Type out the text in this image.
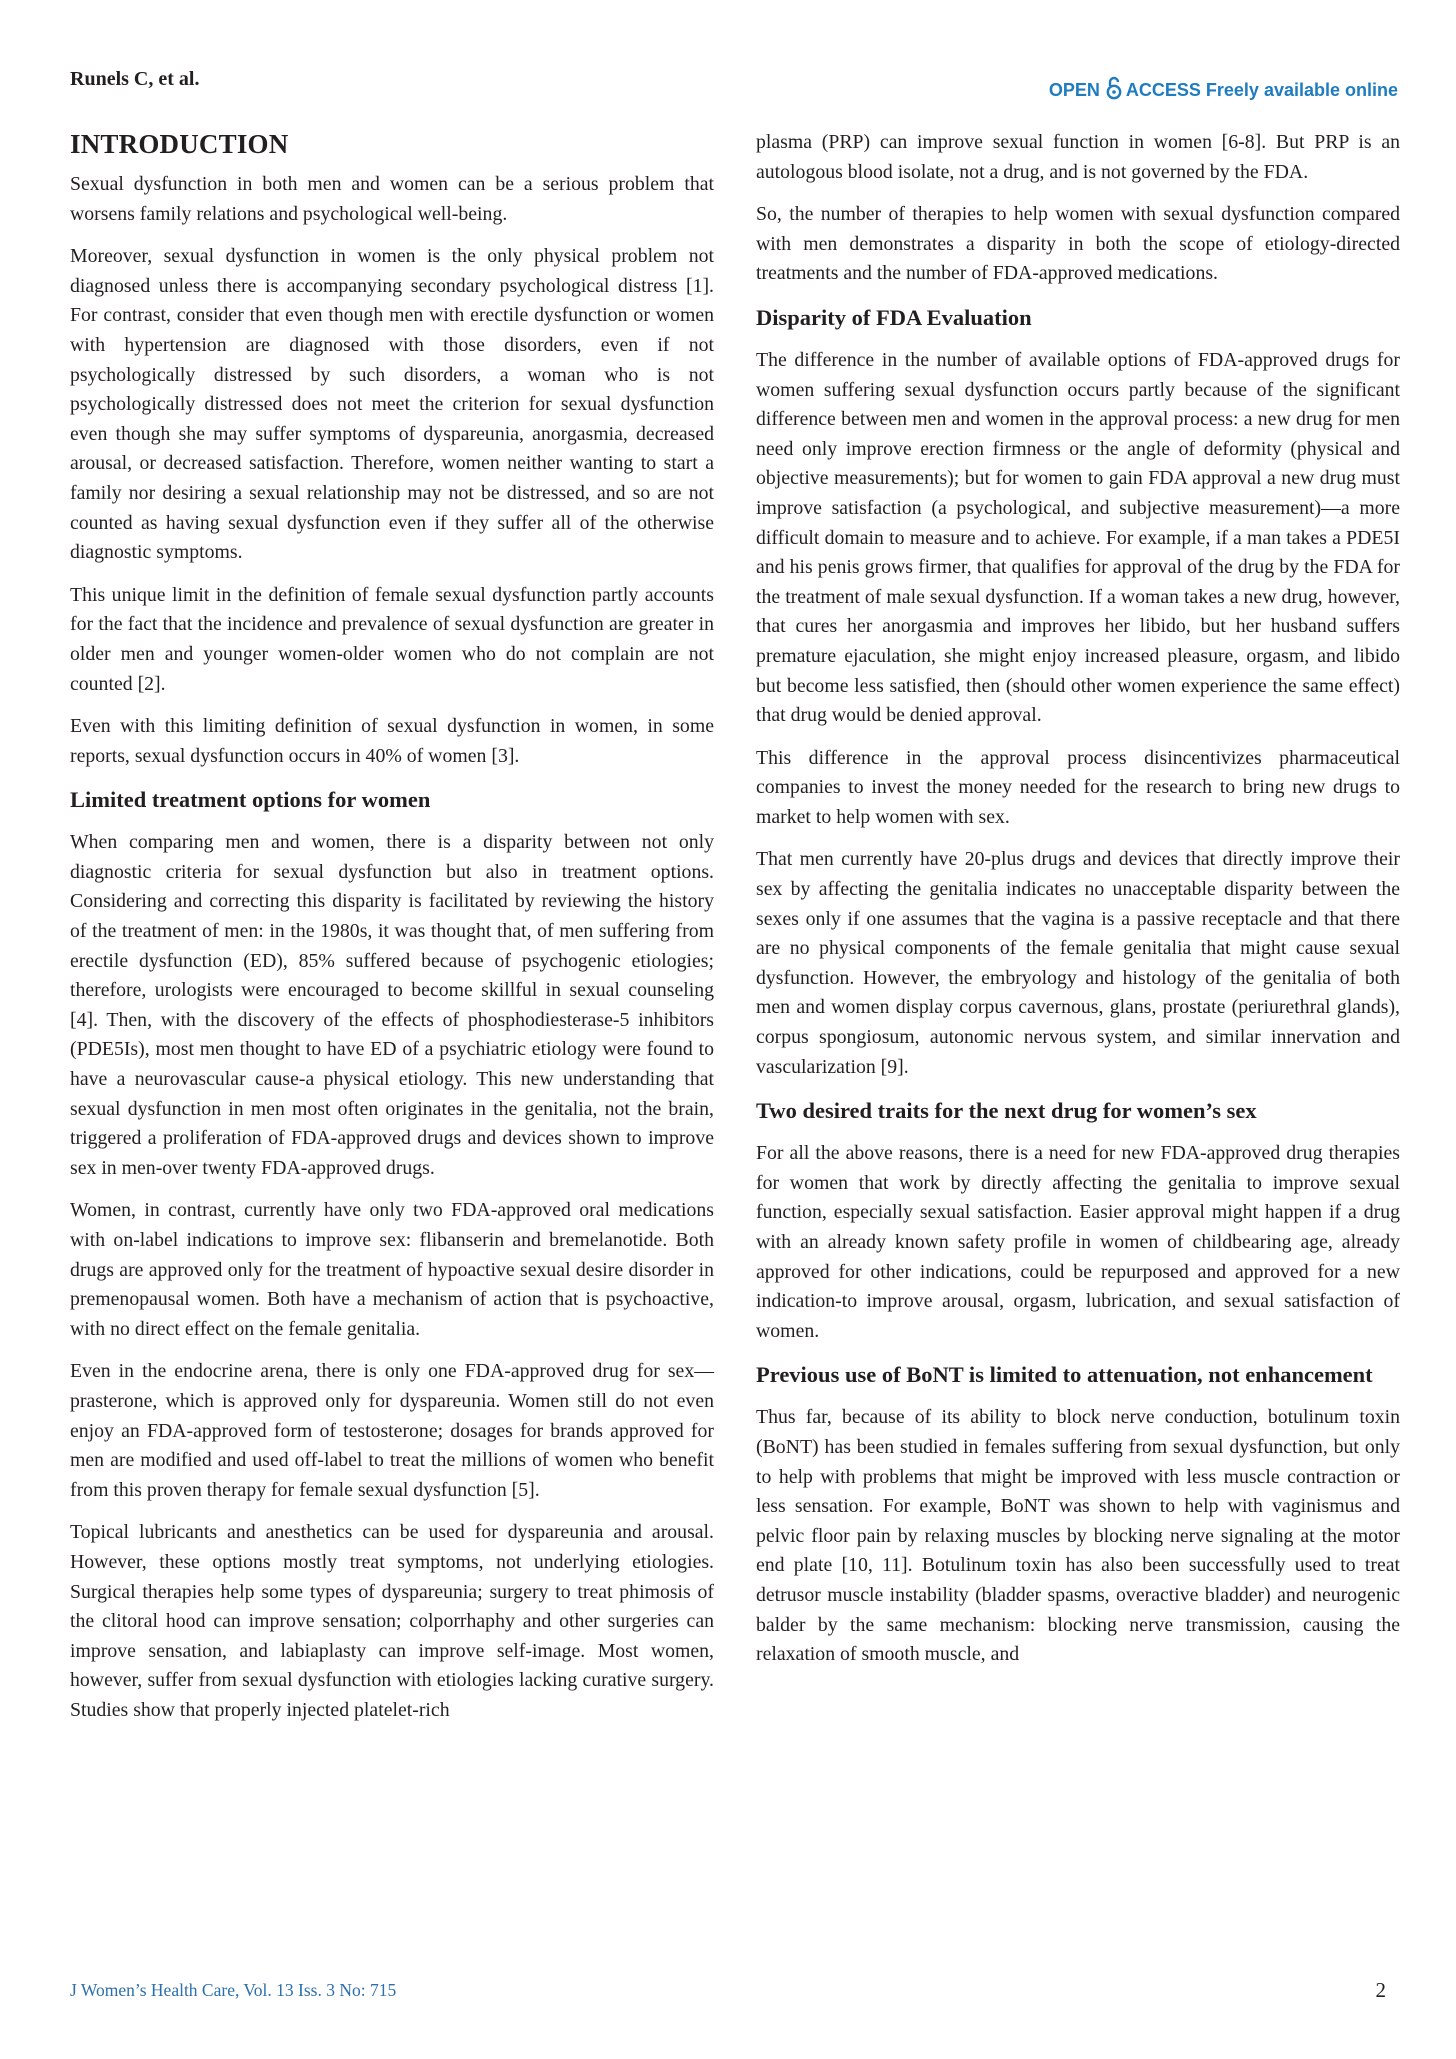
Runels C, et al.	OPEN ACCESS Freely available online
INTRODUCTION

Sexual dysfunction in both men and women can be a serious problem that worsens family relations and psychological well-being.

Moreover, sexual dysfunction in women is the only physical problem not diagnosed unless there is accompanying secondary psychological distress [1]. For contrast, consider that even though men with erectile dysfunction or women with hypertension are diagnosed with those disorders, even if not psychologically distressed by such disorders, a woman who is not psychologically distressed does not meet the criterion for sexual dysfunction even though she may suffer symptoms of dyspareunia, anorgasmia, decreased arousal, or decreased satisfaction. Therefore, women neither wanting to start a family nor desiring a sexual relationship may not be distressed, and so are not counted as having sexual dysfunction even if they suffer all of the otherwise diagnostic symptoms.

This unique limit in the definition of female sexual dysfunction partly accounts for the fact that the incidence and prevalence of sexual dysfunction are greater in older men and younger women-older women who do not complain are not counted [2].

Even with this limiting definition of sexual dysfunction in women, in some reports, sexual dysfunction occurs in 40% of women [3].

Limited treatment options for women

When comparing men and women, there is a disparity between not only diagnostic criteria for sexual dysfunction but also in treatment options. Considering and correcting this disparity is facilitated by reviewing the history of the treatment of men: in the 1980s, it was thought that, of men suffering from erectile dysfunction (ED), 85% suffered because of psychogenic etiologies; therefore, urologists were encouraged to become skillful in sexual counseling [4]. Then, with the discovery of the effects of phosphodiesterase-5 inhibitors (PDE5Is), most men thought to have ED of a psychiatric etiology were found to have a neurovascular cause-a physical etiology. This new understanding that sexual dysfunction in men most often originates in the genitalia, not the brain, triggered a proliferation of FDA-approved drugs and devices shown to improve sex in men-over twenty FDA-approved drugs.

Women, in contrast, currently have only two FDA-approved oral medications with on-label indications to improve sex: flibanserin and bremelanotide. Both drugs are approved only for the treatment of hypoactive sexual desire disorder in premenopausal women. Both have a mechanism of action that is psychoactive, with no direct effect on the female genitalia.

Even in the endocrine arena, there is only one FDA-approved drug for sex—prasterone, which is approved only for dyspareunia. Women still do not even enjoy an FDA-approved form of testosterone; dosages for brands approved for men are modified and used off-label to treat the millions of women who benefit from this proven therapy for female sexual dysfunction [5].

Topical lubricants and anesthetics can be used for dyspareunia and arousal. However, these options mostly treat symptoms, not underlying etiologies. Surgical therapies help some types of dyspareunia; surgery to treat phimosis of the clitoral hood can improve sensation; colporrhaphy and other surgeries can improve sensation, and labiaplasty can improve self-image. Most women, however, suffer from sexual dysfunction with etiologies lacking curative surgery. Studies show that properly injected platelet-rich

plasma (PRP) can improve sexual function in women [6-8]. But PRP is an autologous blood isolate, not a drug, and is not governed by the FDA.

So, the number of therapies to help women with sexual dysfunction compared with men demonstrates a disparity in both the scope of etiology-directed treatments and the number of FDA-approved medications.

Disparity of FDA Evaluation

The difference in the number of available options of FDA-approved drugs for women suffering sexual dysfunction occurs partly because of the significant difference between men and women in the approval process: a new drug for men need only improve erection firmness or the angle of deformity (physical and objective measurements); but for women to gain FDA approval a new drug must improve satisfaction (a psychological, and subjective measurement)—a more difficult domain to measure and to achieve. For example, if a man takes a PDE5I and his penis grows firmer, that qualifies for approval of the drug by the FDA for the treatment of male sexual dysfunction. If a woman takes a new drug, however, that cures her anorgasmia and improves her libido, but her husband suffers premature ejaculation, she might enjoy increased pleasure, orgasm, and libido but become less satisfied, then (should other women experience the same effect) that drug would be denied approval.

This difference in the approval process disincentivizes pharmaceutical companies to invest the money needed for the research to bring new drugs to market to help women with sex.

That men currently have 20-plus drugs and devices that directly improve their sex by affecting the genitalia indicates no unacceptable disparity between the sexes only if one assumes that the vagina is a passive receptacle and that there are no physical components of the female genitalia that might cause sexual dysfunction. However, the embryology and histology of the genitalia of both men and women display corpus cavernous, glans, prostate (periurethral glands), corpus spongiosum, autonomic nervous system, and similar innervation and vascularization [9].

Two desired traits for the next drug for women’s sex

For all the above reasons, there is a need for new FDA-approved drug therapies for women that work by directly affecting the genitalia to improve sexual function, especially sexual satisfaction. Easier approval might happen if a drug with an already known safety profile in women of childbearing age, already approved for other indications, could be repurposed and approved for a new indication-to improve arousal, orgasm, lubrication, and sexual satisfaction of women.

Previous use of BoNT is limited to attenuation, not enhancement

Thus far, because of its ability to block nerve conduction, botulinum toxin (BoNT) has been studied in females suffering from sexual dysfunction, but only to help with problems that might be improved with less muscle contraction or less sensation. For example, BoNT was shown to help with vaginismus and pelvic floor pain by relaxing muscles by blocking nerve signaling at the motor end plate [10, 11]. Botulinum toxin has also been successfully used to treat detrusor muscle instability (bladder spasms, overactive bladder) and neurogenic balder by the same mechanism: blocking nerve transmission, causing the relaxation of smooth muscle, and

J Women’s Health Care, Vol. 13 Iss. 3 No: 715	2
